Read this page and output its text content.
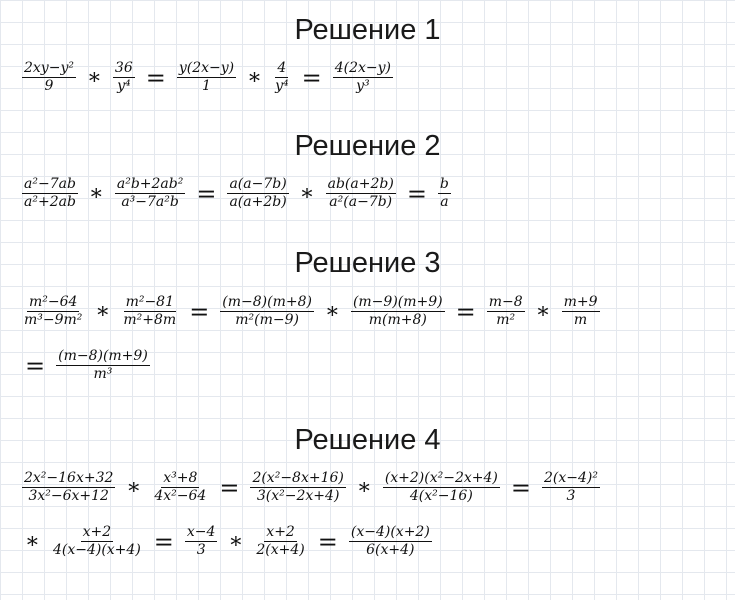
Решение 1
$\frac{\text{2xy−y²}}{9}$ ∗ $\frac{36}{\text{y⁴}} = \frac{y(2x-y)}{1}$ ∗ $\frac{4}{\text{y⁴}} = \frac{4(2x-y)}{\text{y³}}$
Решение 2
$\frac{\text{a²−7ab}}{\text{a²+2ab}}$ ∗ $\frac{\text{a²b+2ab²}}{\text{a³−7a²b}} = \frac{a(a-7b)}{a(a+2b)}$ ∗ $\frac{ab(a+2b)}{\text{a²(a−7b)}} = \frac{b}{a}$
Решение 3
$\frac{\text{m²−64}}{\text{m³−9m²}}$ ∗ $\frac{\text{m²−81}}{\text{m²+8m}} = \frac{(m-8)(m+8)}{\text{m²(m−9)}}$ ∗ $\frac{(m-9)(m+9)}{m(m+8)} = \frac{m-8}{\text{m²}}$ ∗ $\frac{m+9}{m}$
= $\frac{(m-8)(m+9)}{\text{m³}}$
Решение 4
$\frac{\text{2x²−16x+32}}{\text{3x²−6x+12}}$ ∗ $\frac{\text{x³+8}}{\text{4x²−64}} = \frac{\text{2(x²−8x+16)}}{\text{3(x²−2x+4)}}$ ∗ $\frac{\text{(x+2)(x²−2x+4)}}{\text{4(x²−16)}} = \frac{\text{2(x−4)²}}{3}$
∗ $\frac{x+2}{4(x-4)(x+4)} = \frac{x-4}{3}$ ∗ $\frac{x+2}{2(x+4)} = \frac{(x-4)(x+2)}{6(x+4)}$
